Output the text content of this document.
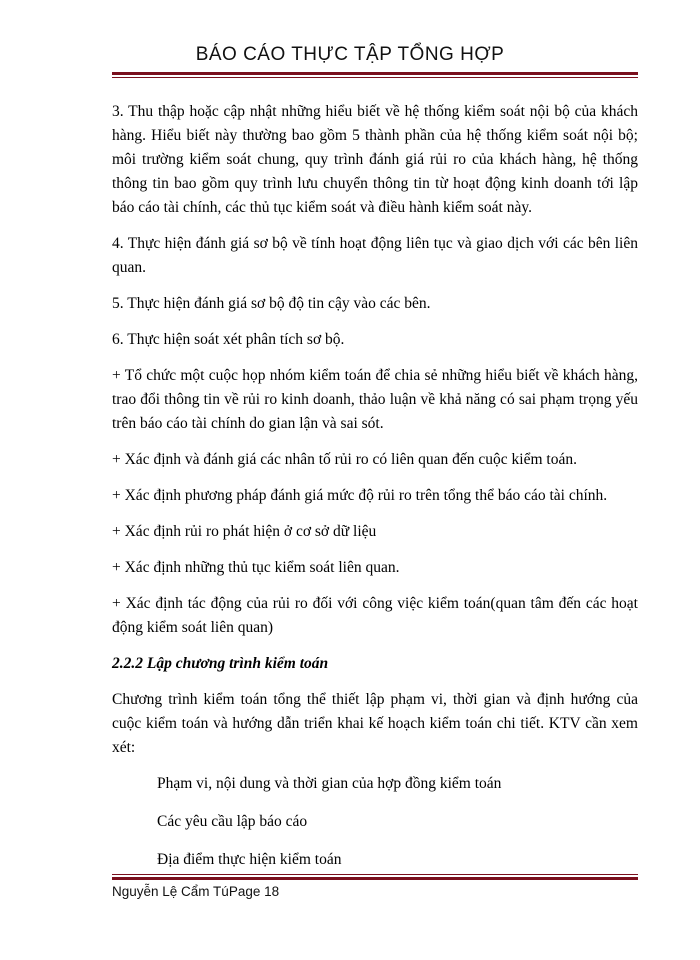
BÁO CÁO THỰC TẬP TỔNG HỢP

3. Thu thập hoặc cập nhật những hiểu biết về hệ thống kiểm soát nội bộ của khách hàng. Hiểu biết này thường bao gồm 5 thành phần của hệ thống kiểm soát nội bộ; môi trường kiểm soát chung, quy trình đánh giá rủi ro của khách hàng, hệ thống thông tin bao gồm quy trình lưu chuyển thông tin từ hoạt động kinh doanh tới lập báo cáo tài chính, các thủ tục kiểm soát và điều hành kiểm soát này.

4. Thực hiện đánh giá sơ bộ về tính hoạt động liên tục và giao dịch với các bên liên quan.

5. Thực hiện đánh giá sơ bộ độ tin cậy vào các bên.

6. Thực hiện soát xét phân tích sơ bộ.

+ Tổ chức một cuộc họp nhóm kiểm toán để chia sẻ những hiểu biết về khách hàng, trao đổi thông tin về rủi ro kinh doanh, thảo luận về khả năng có sai phạm trọng yếu trên báo cáo tài chính do gian lận và sai sót.

+ Xác định và đánh giá các nhân tố rủi ro có liên quan đến cuộc kiểm toán.

+ Xác định phương pháp đánh giá mức độ rủi ro trên tổng thể báo cáo tài chính.

+ Xác định rủi ro phát hiện ở cơ sở dữ liệu

+ Xác định những thủ tục kiểm soát liên quan.

+ Xác định tác động của rủi ro đối với công việc kiểm toán(quan tâm đến các hoạt động kiểm soát liên quan)

2.2.2 Lập chương trình kiểm toán

Chương trình kiểm toán tổng thể thiết lập phạm vi, thời gian và định hướng của cuộc kiểm toán và hướng dẫn triển khai kế hoạch kiểm toán chi tiết. KTV cần xem xét:

Phạm vi, nội dung và thời gian của hợp đồng kiểm toán

Các yêu cầu lập báo cáo

Địa điểm thực hiện kiểm toán

Nguyễn Lệ Cẩm TúPage 18
